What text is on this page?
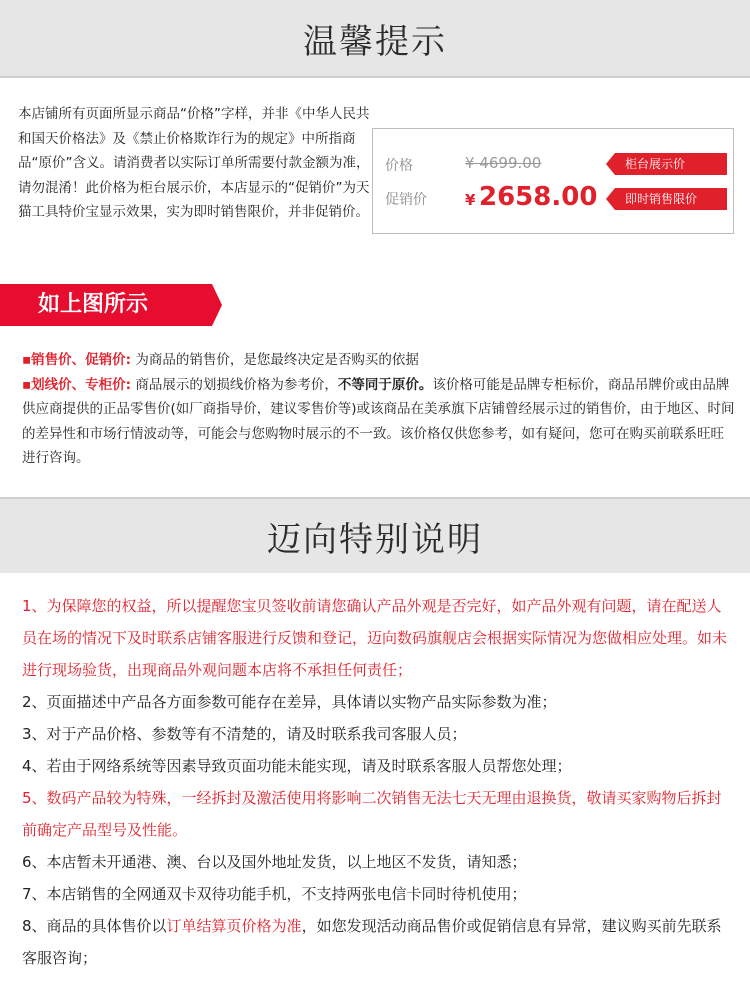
温馨提示
本店铺所有页面所显示商品“价格”字样，并非《中华人民共和国天价格法》及《禁止价格欺诈行为的规定》中所指商品“原价”含义。请消费者以实际订单所需要付款金额为准，请勿混淆！此价格为柜台展示价，本店显示的“促销价”为天猫工具特价宝显示效果，实为即时销售限价，并非促销价。
价格	¥ 4699.00
促销价	¥ 2658.00
柜台展示价
即时销售限价
如上图所示
▪销售价、促销价: 为商品的销售价，是您最终决定是否购买的依据
▪划线价、专柜价: 商品展示的划损线价格为参考价，不等同于原价。该价格可能是品牌专柜标价，商品吊牌价或由品牌供应商提供的正品零售价(如厂商指导价，建议零售价等)或该商品在美承旗下店铺曾经展示过的销售价，由于地区、时间的差异性和市场行情波动等，可能会与您购物时展示的不一致。该价格仅供您参考，如有疑问，您可在购买前联系旺旺进行咨询。
迈向特别说明
1、为保障您的权益，所以提醒您宝贝签收前请您确认产品外观是否完好，如产品外观有问题，请在配送人员在场的情况下及时联系店铺客服进行反馈和登记，迈向数码旗舰店会根据实际情况为您做相应处理。如未进行现场验货，出现商品外观问题本店将不承担任何责任；
2、页面描述中产品各方面参数可能存在差异，具体请以实物产品实际参数为准；
3、对于产品价格、参数等有不清楚的，请及时联系我司客服人员；
4、若由于网络系统等因素导致页面功能未能实现，请及时联系客服人员帮您处理；
5、数码产品较为特殊，一经拆封及激活使用将影响二次销售无法七天无理由退换货，敬请买家购物后拆封前确定产品型号及性能。
6、本店暂未开通港、澳、台以及国外地址发货，以上地区不发货，请知悉；
7、本店销售的全网通双卡双待功能手机，不支持两张电信卡同时待机使用；
8、商品的具体售价以订单结算页价格为准，如您发现活动商品售价或促销信息有异常，建议购买前先联系客服咨询；
